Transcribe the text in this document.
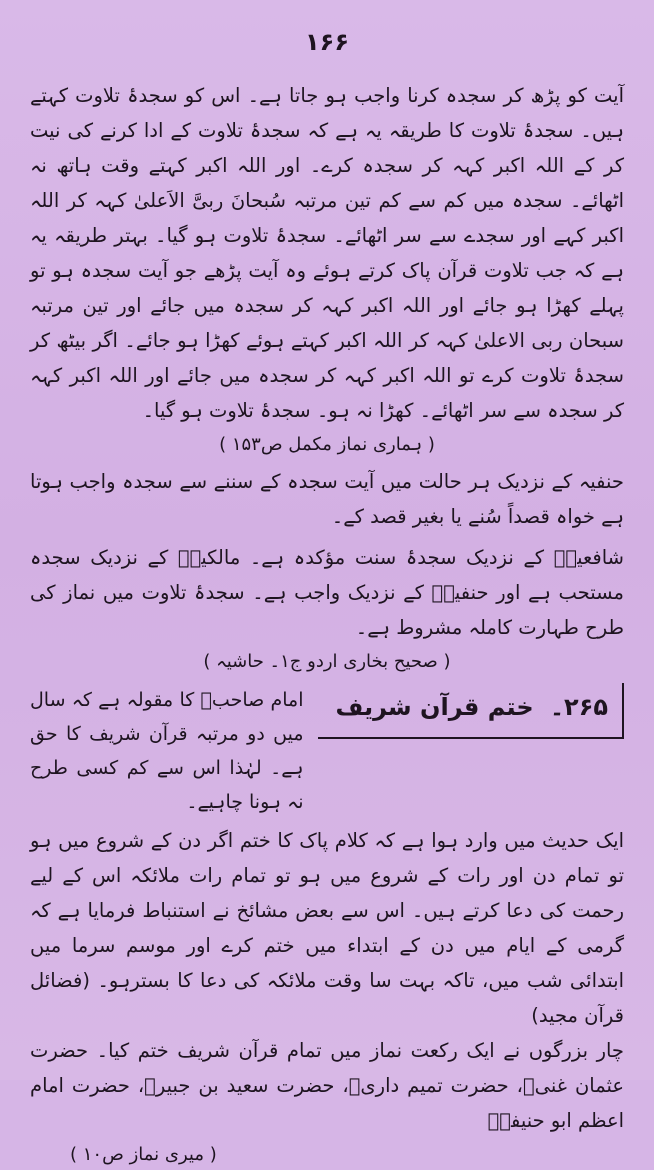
۱۶۶

آیت کو پڑھ کر سجدہ کرنا واجب ہو جاتا ہے۔ اس کو سجدۂ تلاوت کہتے ہیں۔ سجدۂ تلاوت کا طریقہ یہ ہے کہ سجدۂ تلاوت کے ادا کرنے کی نیت کر کے اللہ اکبر کہہ کر سجدہ کرے۔ اور اللہ اکبر کہتے وقت ہاتھ نہ اٹھائے۔ سجدہ میں کم سے کم تین مرتبہ سُبحانَ ربیَّ الاَعلیٰ کہہ کر اللہ اکبر کہے اور سجدے سے سر اٹھائے۔ سجدۂ تلاوت ہو گیا۔ بہتر طریقہ یہ ہے کہ جب تلاوت قرآن پاک کرتے ہوئے وہ آیت پڑھے جو آیت سجدہ ہو تو پہلے کھڑا ہو جائے اور اللہ اکبر کہہ کر سجدہ میں جائے اور تین مرتبہ سبحان ربی الاعلیٰ کہہ کر اللہ اکبر کہتے ہوئے کھڑا ہو جائے۔ اگر بیٹھ کر سجدۂ تلاوت کرے تو اللہ اکبر کہہ کر سجدہ میں جائے اور اللہ اکبر کہہ کر سجدہ سے سر اٹھائے۔ کھڑا نہ ہو۔ سجدۂ تلاوت ہو گیا۔

( ہماری نماز مکمل ص۱۵۳ )

حنفیہ کے نزدیک ہر حالت میں آیت سجدہ کے سننے سے سجدہ واجب ہوتا ہے خواہ قصداً سُنے یا بغیر قصد کے۔

شافعیہؒ کے نزدیک سجدۂ سنت مؤکدہ ہے۔ مالکیہؒ کے نزدیک سجدہ مستحب ہے اور حنفیہؒ کے نزدیک واجب ہے۔ سجدۂ تلاوت میں نماز کی طرح طہارت کاملہ مشروط ہے۔

( صحیح بخاری اردو ج۱۔ حاشیہ )
۲۶۵۔ ختم قرآن شریف
امام صاحبؒ کا مقولہ ہے کہ سال میں دو مرتبہ قرآن شریف کا حق ہے۔ لہٰذا اس سے کم کسی طرح نہ ہونا چاہیے۔

ایک حدیث میں وارد ہوا ہے کہ کلام پاک کا ختم اگر دن کے شروع میں ہو تو تمام دن اور رات کے شروع میں ہو تو تمام رات ملائکہ اس کے لیے رحمت کی دعا کرتے ہیں۔ اس سے بعض مشائخ نے استنباط فرمایا ہے کہ گرمی کے ایام میں دن کے ابتداء میں ختم کرے اور موسم سرما میں ابتدائی شب میں، تاکہ بہت سا وقت ملائکہ کی دعا کا بسترہو۔ (فضائل قرآن مجید)

چار بزرگوں نے ایک رکعت نماز میں تمام قرآن شریف ختم کیا۔ حضرت عثمان غنیؓ، حضرت تمیم داریؓ، حضرت سعید بن جبیرؓ، حضرت امام اعظم ابو حنیفہؒ

( میری نماز ص۱۰ )
